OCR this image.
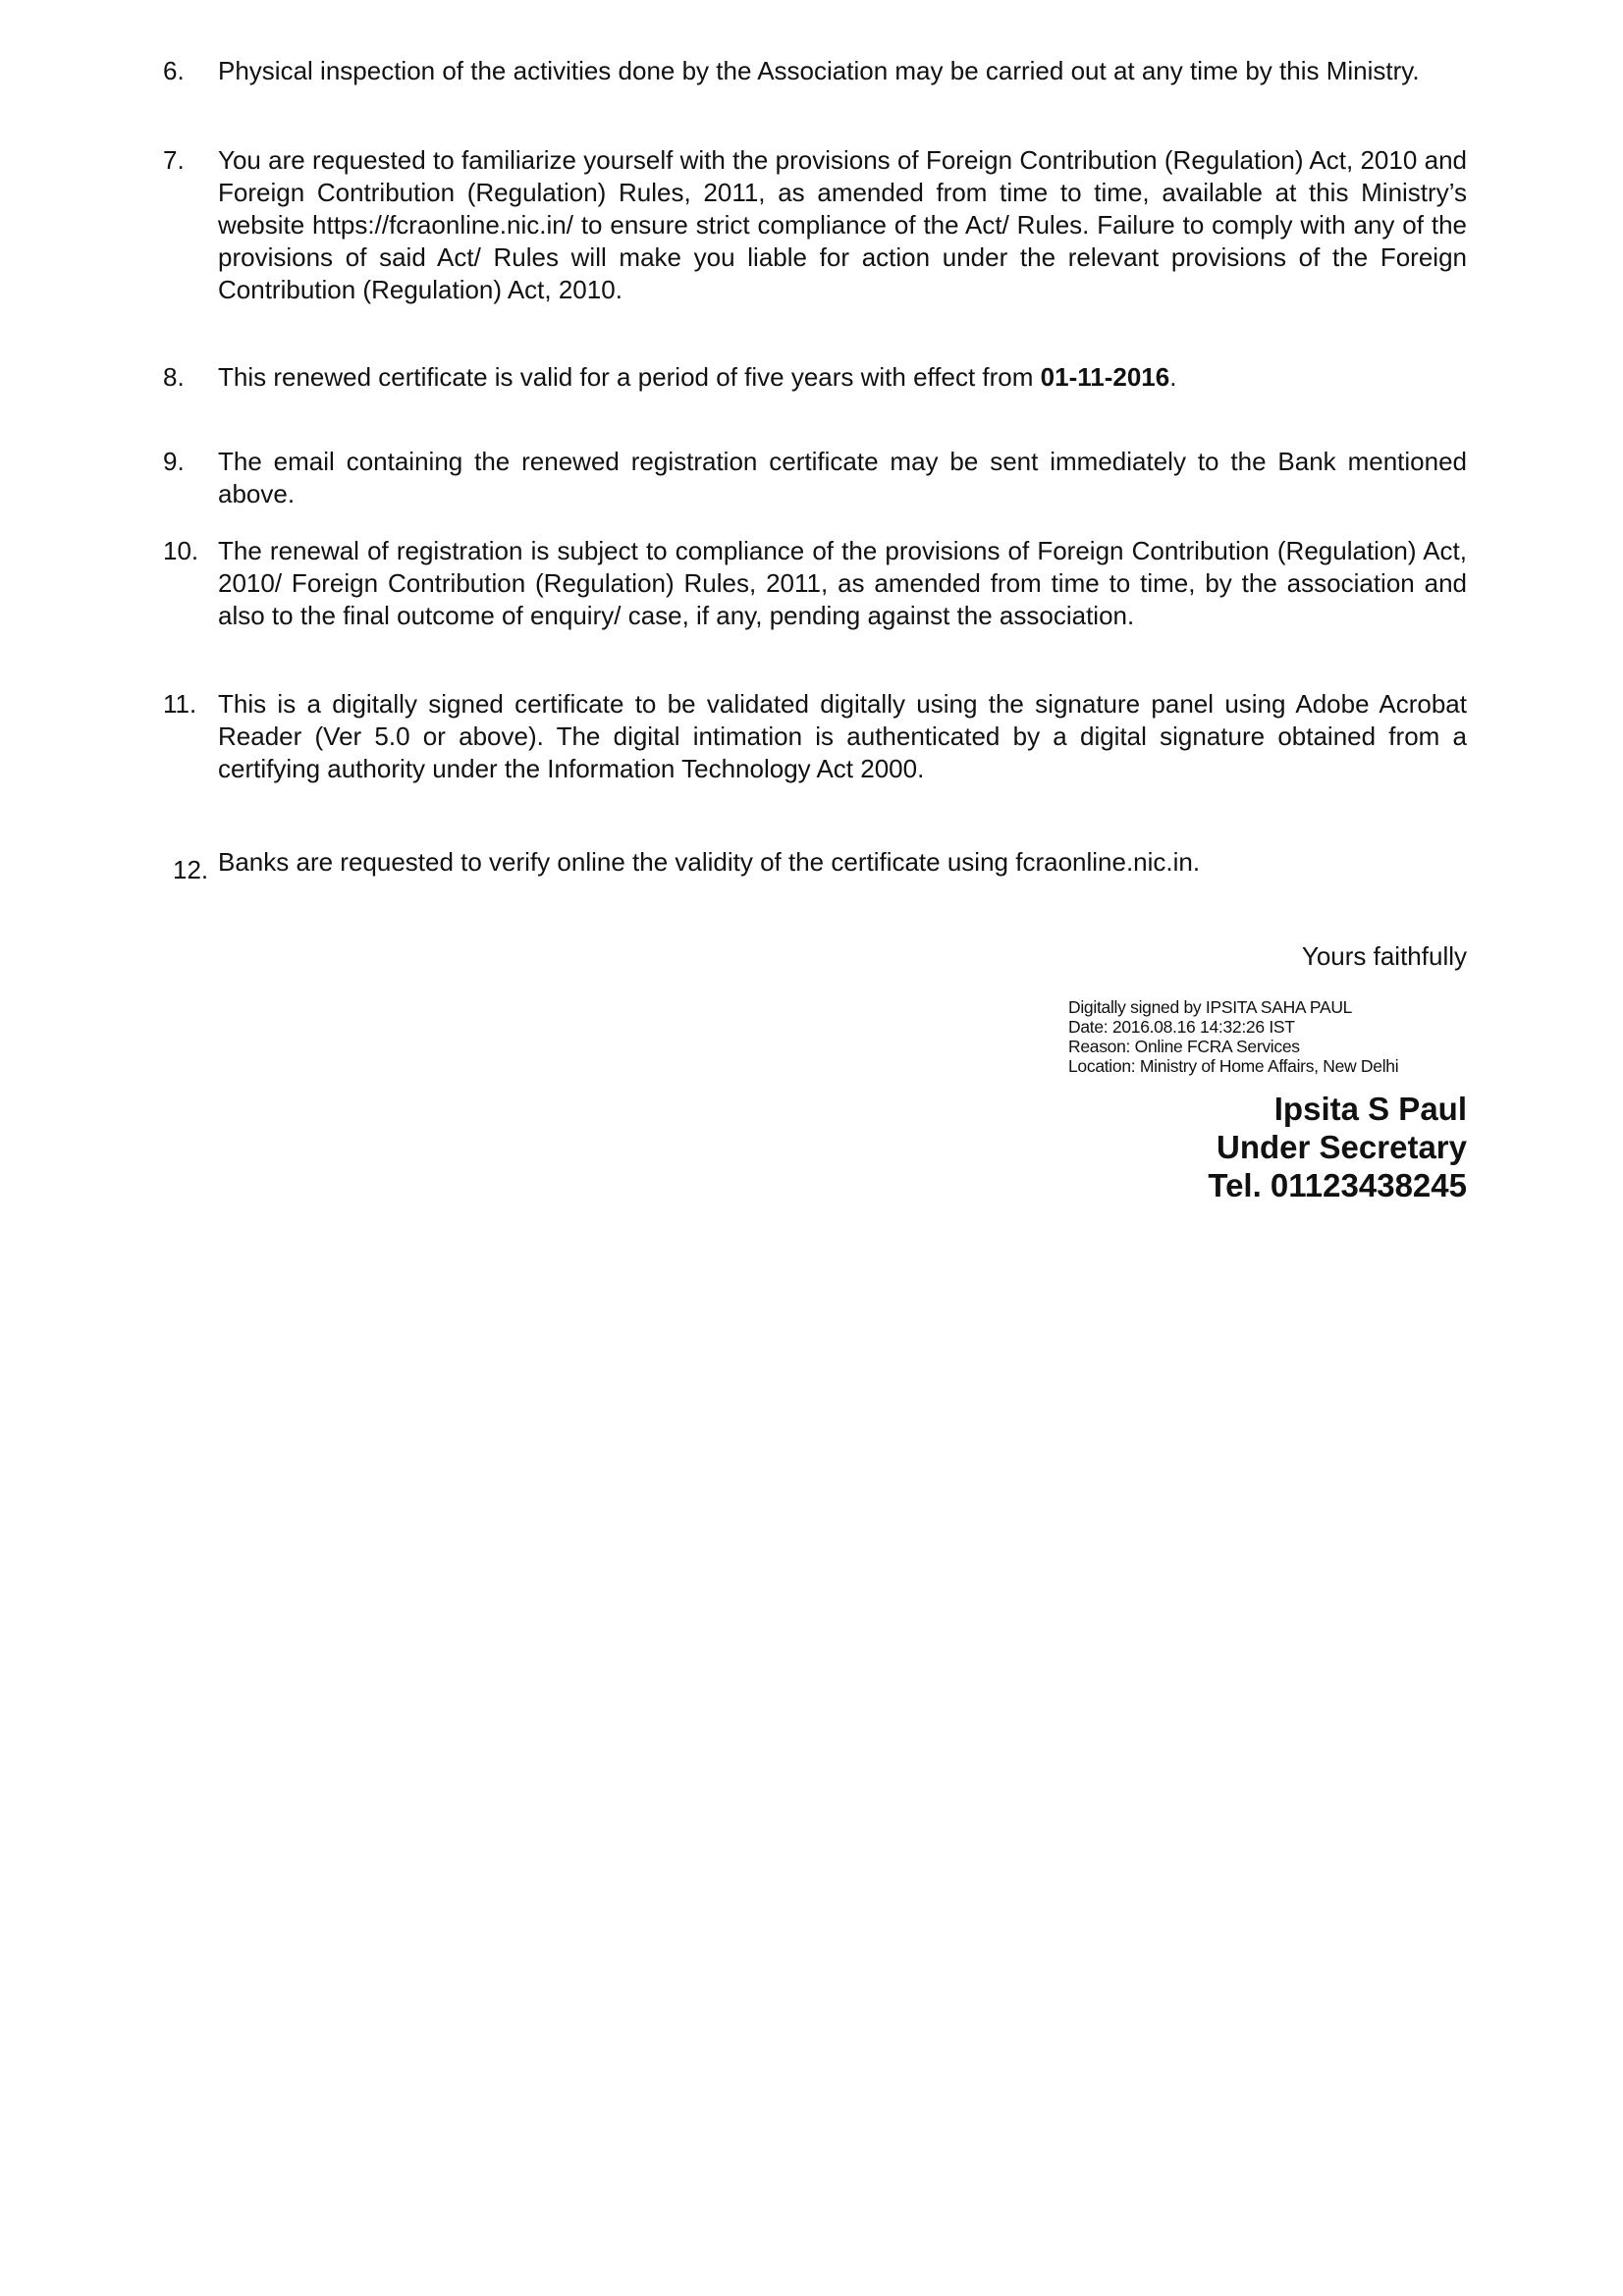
6. Physical inspection of the activities done by the Association may be carried out at any time by this Ministry.
7. You are requested to familiarize yourself with the provisions of Foreign Contribution (Regulation) Act, 2010 and Foreign Contribution (Regulation) Rules, 2011, as amended from time to time, available at this Ministry’s website https://fcraonline.nic.in/ to ensure strict compliance of the Act/ Rules. Failure to comply with any of the provisions of said Act/ Rules will make you liable for action under the relevant provisions of the Foreign Contribution (Regulation) Act, 2010.
8. This renewed certificate is valid for a period of five years with effect from 01-11-2016.
9. The email containing the renewed registration certificate may be sent immediately to the Bank mentioned above.
10. The renewal of registration is subject to compliance of the provisions of Foreign Contribution (Regulation) Act, 2010/ Foreign Contribution (Regulation) Rules, 2011, as amended from time to time, by the association and also to the final outcome of enquiry/ case, if any, pending against the association.
11. This is a digitally signed certificate to be validated digitally using the signature panel using Adobe Acrobat Reader (Ver 5.0 or above). The digital intimation is authenticated by a digital signature obtained from a certifying authority under the Information Technology Act 2000.
12. Banks are requested to verify online the validity of the certificate using fcraonline.nic.in.
Yours faithfully
Digitally signed by IPSITA SAHA PAUL
Date: 2016.08.16 14:32:26 IST
Reason: Online FCRA Services
Location: Ministry of Home Affairs, New Delhi
Ipsita S Paul
Under Secretary
Tel. 01123438245
